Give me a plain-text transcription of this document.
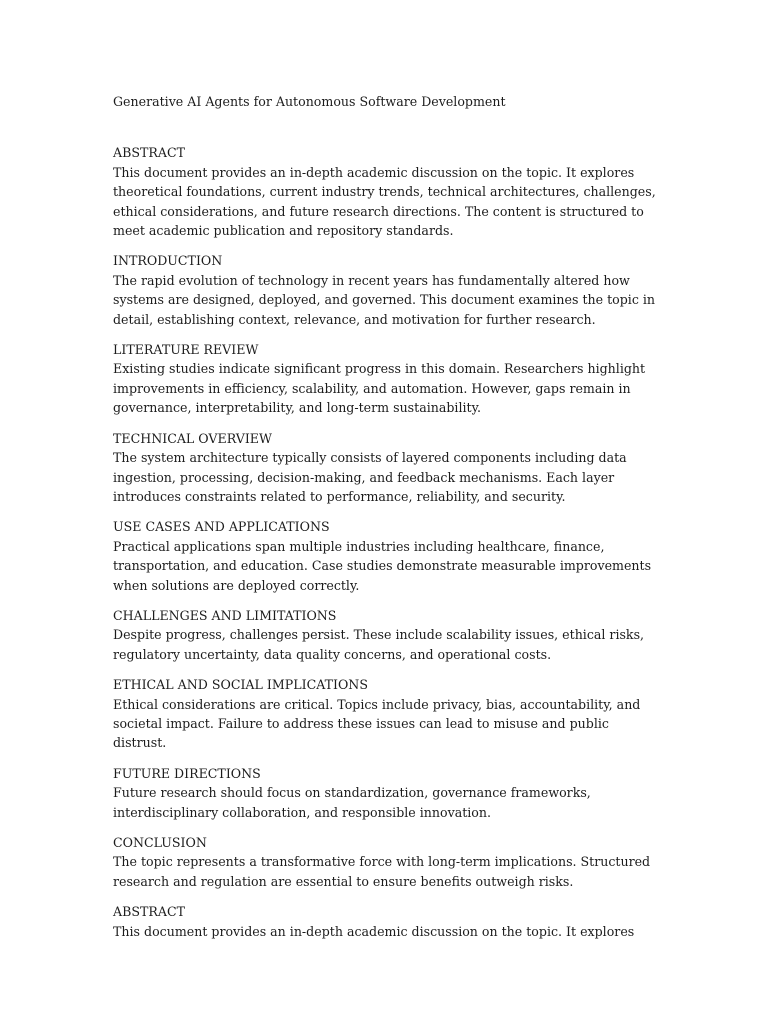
Generative AI Agents for Autonomous Software Development

ABSTRACT

This document provides an in-depth academic discussion on the topic. It explores theoretical foundations, current industry trends, technical architectures, challenges, ethical considerations, and future research directions. The content is structured to meet academic publication and repository standards.

INTRODUCTION

The rapid evolution of technology in recent years has fundamentally altered how systems are designed, deployed, and governed. This document examines the topic in detail, establishing context, relevance, and motivation for further research.

LITERATURE REVIEW

Existing studies indicate significant progress in this domain. Researchers highlight improvements in efficiency, scalability, and automation. However, gaps remain in governance, interpretability, and long-term sustainability.

TECHNICAL OVERVIEW

The system architecture typically consists of layered components including data ingestion, processing, decision-making, and feedback mechanisms. Each layer introduces constraints related to performance, reliability, and security.

USE CASES AND APPLICATIONS

Practical applications span multiple industries including healthcare, finance, transportation, and education. Case studies demonstrate measurable improvements when solutions are deployed correctly.

CHALLENGES AND LIMITATIONS

Despite progress, challenges persist. These include scalability issues, ethical risks, regulatory uncertainty, data quality concerns, and operational costs.

ETHICAL AND SOCIAL IMPLICATIONS

Ethical considerations are critical. Topics include privacy, bias, accountability, and societal impact. Failure to address these issues can lead to misuse and public distrust.

FUTURE DIRECTIONS

Future research should focus on standardization, governance frameworks, interdisciplinary collaboration, and responsible innovation.

CONCLUSION

The topic represents a transformative force with long-term implications. Structured research and regulation are essential to ensure benefits outweigh risks.

ABSTRACT

This document provides an in-depth academic discussion on the topic. It explores
